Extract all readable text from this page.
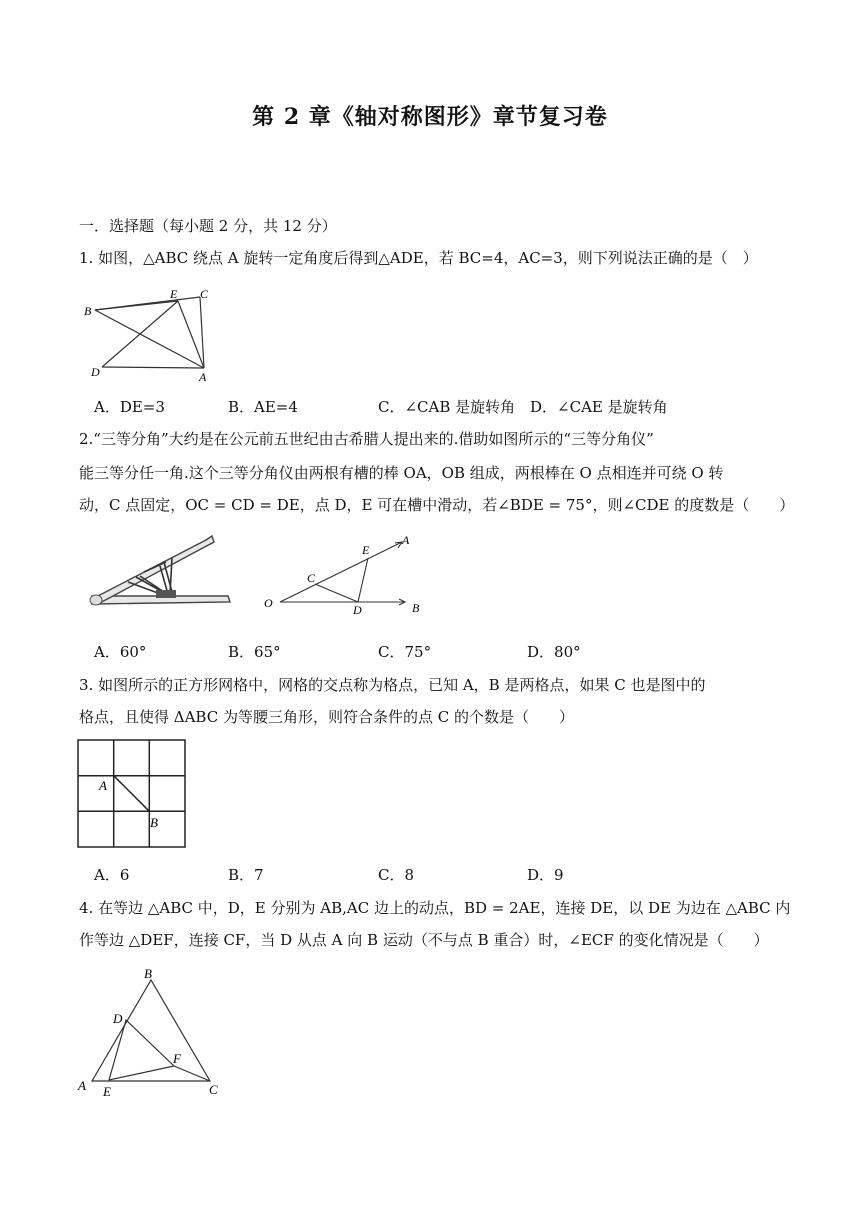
第 2 章《轴对称图形》章节复习卷
一．选择题（每小题 2 分，共 12 分）
1. 如图，△ABC 绕点 A 旋转一定角度后得到△ADE，若 BC=4，AC=3，则下列说法正确的是（　）
B
E C
D	A
A．DE=3	B．AE=4	C．∠CAB 是旋转角 D．∠CAE 是旋转角
2.“三等分角”大约是在公元前五世纪由古希腊人提出来的.借助如图所示的“三等分角仪”
能三等分任一角.这个三等分角仪由两根有槽的棒 OA，OB 组成，两根棒在 O 点相连并可绕 O 转
动，C 点固定，OC = CD = DE，点 D，E 可在槽中滑动，若∠BDE = 75°，则∠CDE 的度数是（　　）
E
A
C
O	D	B
A．60°	B．65°	C．75°	D．80°
3. 如图所示的正方形网格中，网格的交点称为格点，已知 A，B 是两格点，如果 C 也是图中的
格点，且使得 ΔABC 为等腰三角形，则符合条件的点 C 的个数是（　　）
A
B
A．6	B．7	C．8	D．9
4. 在等边 △ABC 中，D，E 分别为 AB,AC 边上的动点，BD = 2AE，连接 DE，以 DE 为边在 △ABC 内
作等边 △DEF，连接 CF，当 D 从点 A 向 B 运动（不与点 B 重合）时，∠ECF 的变化情况是（　　）
B
D
F
A E	C
